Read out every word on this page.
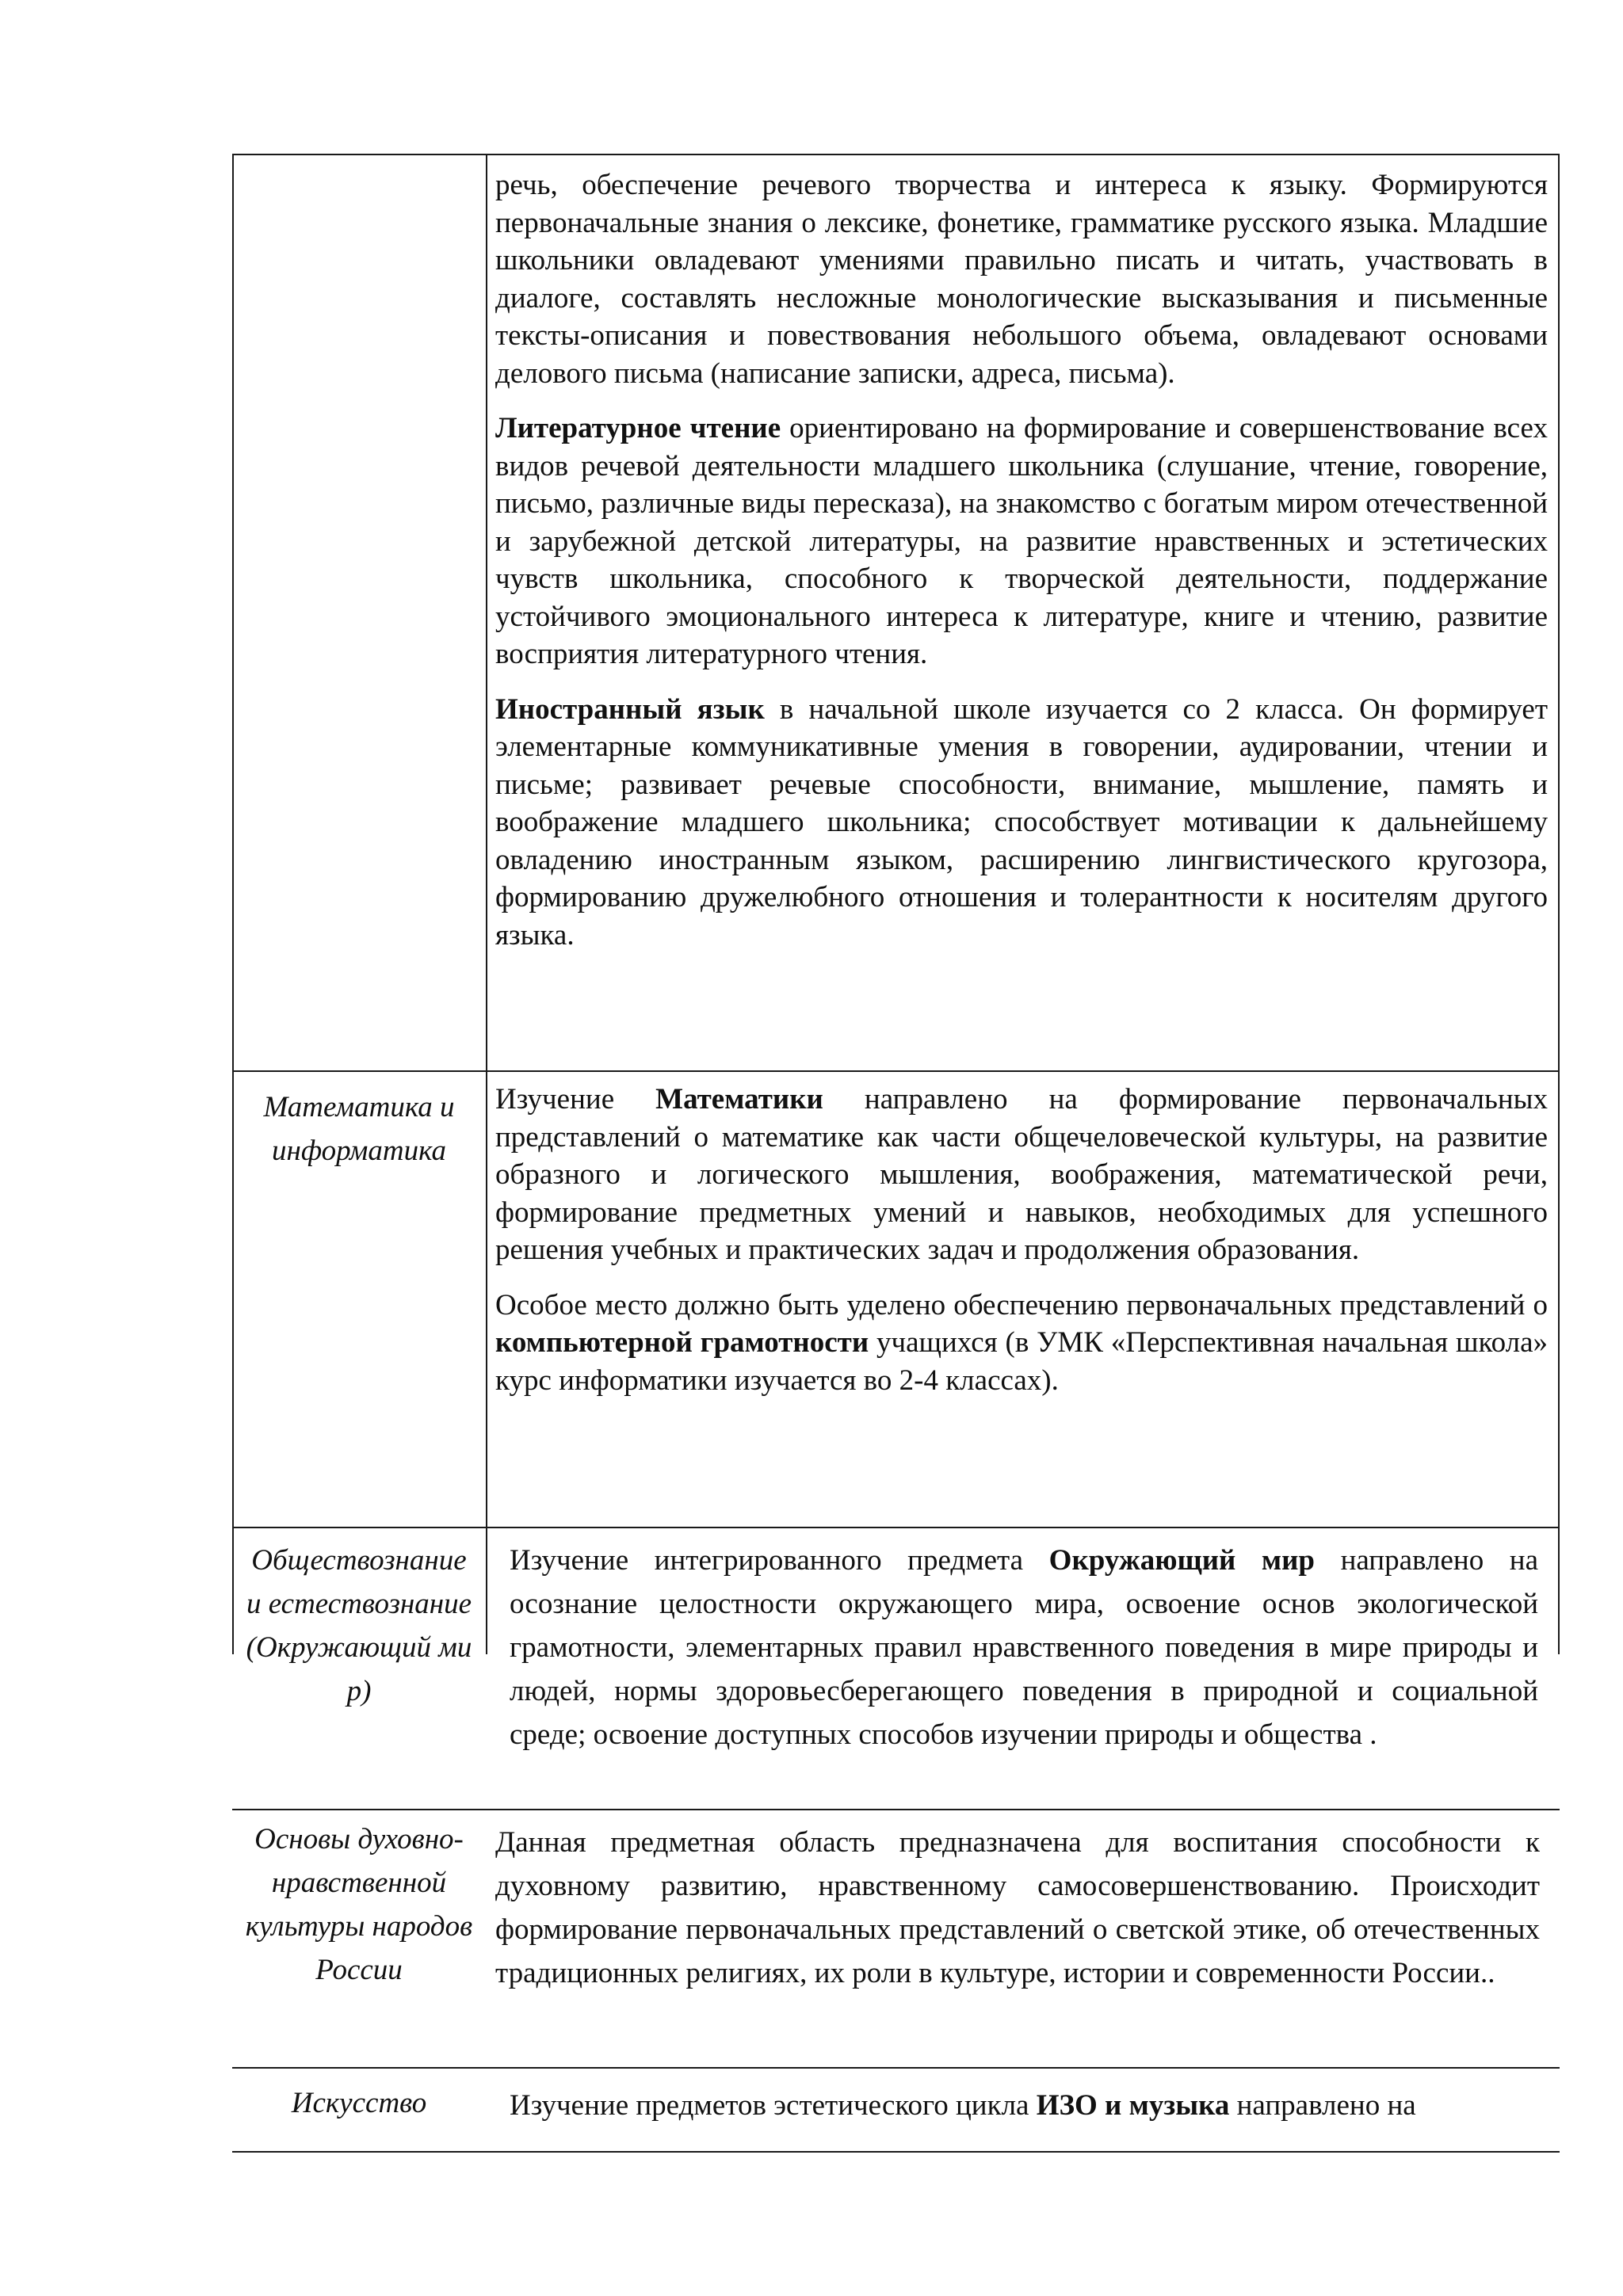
речь, обеспечение речевого творчества и интереса к языку. Формируются первоначальные знания о лексике, фонетике, грамматике русского языка. Младшие школьники овладевают умениями правильно писать и читать, участвовать в диалоге, составлять несложные монологические высказывания и письменные тексты-описания и повествования небольшого объема, овладевают основами делового письма (написание записки, адреса, письма).

Литературное чтение ориентировано на формирование и совершенствование всех видов речевой деятельности младшего школьника (слушание, чтение, говорение, письмо, различные виды пересказа), на знакомство с богатым миром отечественной и зарубежной детской литературы, на развитие нравственных и эстетических чувств школьника, способного к творческой деятельности, поддержание устойчивого эмоционального интереса к литературе, книге и чтению, развитие восприятия литературного чтения.

Иностранный язык в начальной школе изучается со 2 класса. Он формирует элементарные коммуникативные умения в говорении, аудировании, чтении и письме; развивает речевые способности, внимание, мышление, память и воображение младшего школьника; способствует мотивации к дальнейшему овладению иностранным языком, расширению лингвистического кругозора, формированию дружелюбного отношения и толерантности к носителям другого языка.

Математика и информатика

Изучение Математики направлено на формирование первоначальных представлений о математике как части общечеловеческой культуры, на развитие образного и логического мышления, воображения, математической речи, формирование предметных умений и навыков, необходимых для успешного решения учебных и практических задач и продолжения образования.

Особое место должно быть уделено обеспечению первоначальных представлений о компьютерной грамотности учащихся (в УМК «Перспективная начальная школа» курс информатики изучается во 2-4 классах).

Обществознание и естествознание (Окружающий мир)

Изучение интегрированного предмета Окружающий мир направлено на осознание целостности окружающего мира, освоение основ экологической грамотности, элементарных правил нравственного поведения в мире природы и людей, нормы здоровьесберегающего поведения в природной и социальной среде; освоение доступных способов изучении природы и общества .

Основы духовно-нравственной культуры народов России

Данная предметная область предназначена для воспитания способности к духовному развитию, нравственному самосовершенствованию. Происходит формирование первоначальных представлений о светской этике, об отечественных традиционных религиях, их роли в культуре, истории и современности России..

Искусство	Изучение предметов эстетического цикла ИЗО и музыка направлено на
